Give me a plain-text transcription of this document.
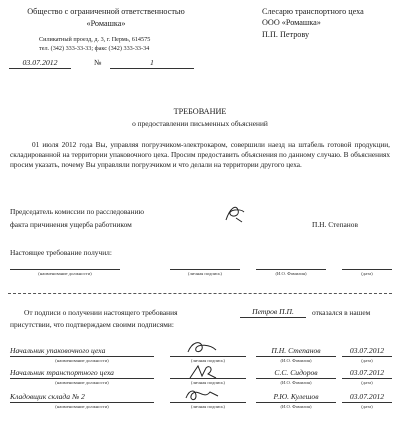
Общество с ограниченной ответственностью
«Ромашка»
Силикатный проезд, д. 3, г. Пермь, 614575
тел. (342) 333-33-33; факс (342) 333-33-34
03.07.2012	№	1
Слесарю транспортного цеха
ООО «Ромашка»
П.П. Петрову
ТРЕБОВАНИЕ
о предоставлении письменных объяснений
01 июля 2012 года Вы, управляя погрузчиком-электрокаром, совершили наезд на штабель готовой продукции, складированной на территории упаковочного цеха. Просим предоставить объяснения по данному случаю. В объяснениях просим указать, почему Вы управляли погрузчиком и что делали на территории другого цеха.
Председатель комиссии по расследованию
факта причинения ущерба работником	П.Н. Степанов
Настоящее требование получил:
(наименование должности)	(личная подпись)	(И.О. Фамилия)	(дата)
От подписи о получении настоящего требования	Петров П.П.	отказался в нашем
присутствии, что подтверждаем своими подписями:
Начальник упаковочного цеха	П.Н. Степанов	03.07.2012
(наименование должности)	(личная подпись)	(И.О. Фамилия)	(дата)
Начальник транспортного цеха	С.С. Сидоров	03.07.2012
(наименование должности)	(личная подпись)	(И.О. Фамилия)	(дата)
Кладовщик склада № 2	Р.Ю. Кулешов	03.07.2012
(наименование должности)	(личная подпись)	(И.О. Фамилия)	(дата)
